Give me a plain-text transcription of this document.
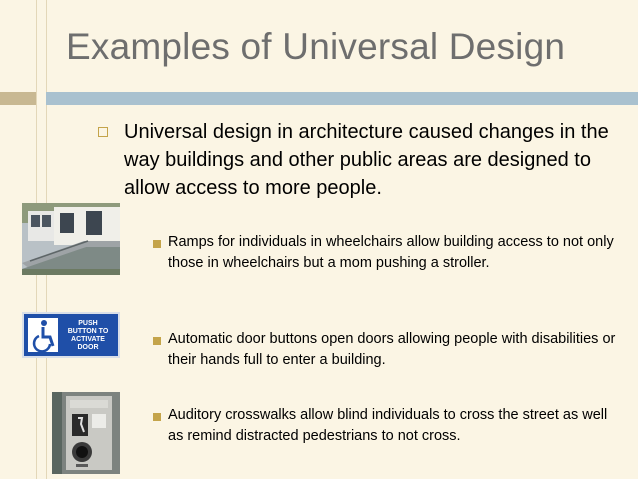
Examples of Universal Design

Universal design in architecture caused changes in the way buildings and other public areas are designed to allow access to more people.

PUSH
BUTTON TO
ACTIVATE
DOOR

Ramps for individuals in wheelchairs allow building access to not only those in wheelchairs but a mom pushing a stroller.

Automatic door buttons open doors allowing people with disabilities or their hands full to enter a building.

Auditory crosswalks allow blind individuals to cross the street as well as remind distracted pedestrians to not cross.
